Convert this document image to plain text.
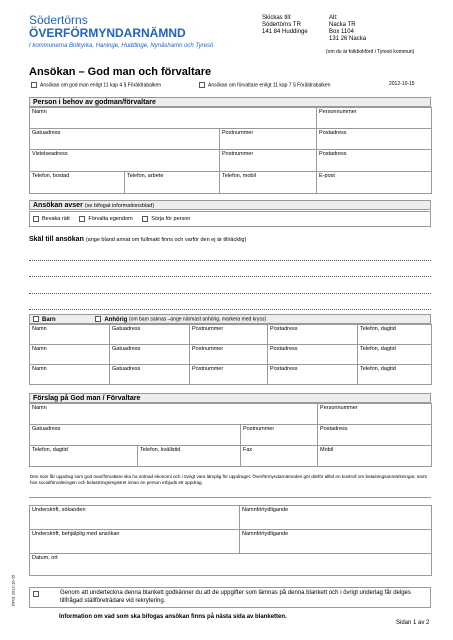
Södertörns
ÖVERFÖRMYNDARNÄMND
I kommunerna Botkyrka, Haninge, Huddinge, Nynäshamn och Tyresö
Skickas till:
Södertörns TR
141 84 Huddinge
Alt:
Nacka TR
Box 1104
131 26 Nacka
(om du är folkbokförd i Tyresö kommun)
Ansökan – God man och förvaltare
Ansökan om god man enligt 11 kap 4 § Föräldrabalken	Ansökan om förvaltare enligt 11 kap 7 § Föräldrabalken	2012-10-15
Person i behov av godman/förvaltare
Namn			Personnummer
Gatuadress		Postnummer	Postadress
Vistelseadress		Postnummer	Postadress
Telefon, bostad	Telefon, arbete	Telefon, mobil	E-post
Ansökan avser (se bifogat informationsblad)
Bevaka rätt	Förvalta egendom	Sörja för person
Skäl till ansökan (ange bland annat om fullmakt finns och varför den ej är tillräcklig)
Barn	Anhörig (om barn saknas –ange närmast anhörig, markera med kryss)
Namn	Gatuadress	Postnummer	Postadress	Telefon, dagtid
Namn	Gatuadress	Postnummer	Postadress	Telefon, dagtid
Namn	Gatuadress	Postnummer	Postadress	Telefon, dagtid
Förslag på God man / Förvaltare
Namn			Personnummer
Gatuadress		Postnummer	Postadress
Telefon, dagtid	Telefon, kvällstid	Fax	Mobil
Den som får uppdrag som god man/förvaltare ska ha ordnad ekonomi och i övrigt vara lämplig för uppdraget. Överförmyndarnämnden gör därför alltid en kontroll om betalningsanmärkningar, samt hos socialförvaltningen och belastningsregistret innan en person erbjuds ett uppdrag.
Underskrift, sökanden	Namnförtydligande
Underskrift, behjälplig med ansökan	Namnförtydligande
Datum, ort	
Genom att underteckna denna blankett godkänner du att de uppgifter som lämnas på denna blankett och i övrigt underlag får delges tillfrågad ställföreträdare vid rekrytering.
Information om vad som ska bifogas ansökan finns på nästa sida av blanketten.
Sidan 1 av 2
ÖF01 2012-10-15
